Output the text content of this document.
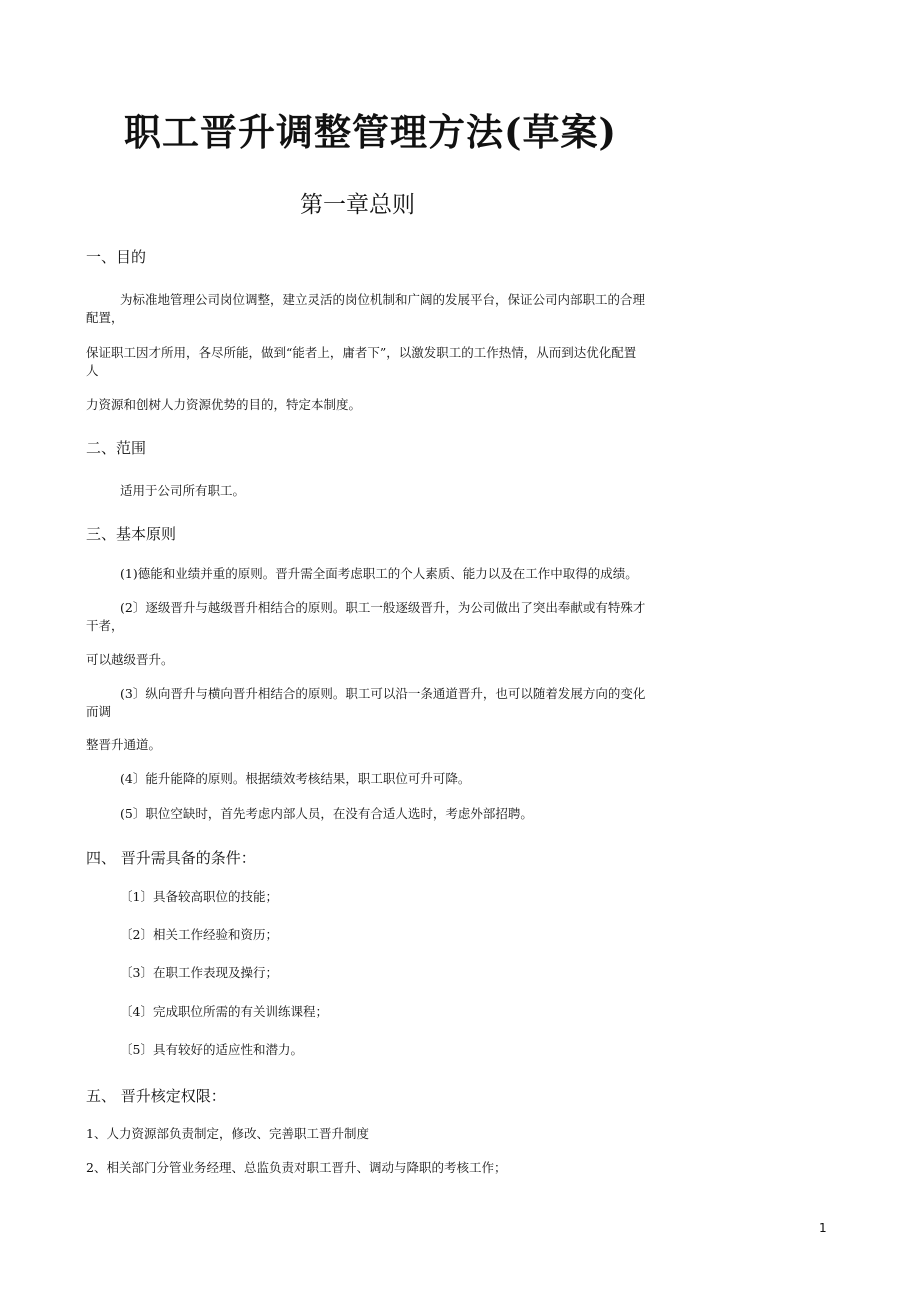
职工晋升调整管理方法(草案)
第一章总则
一、目的
为标准地管理公司岗位调整，建立灵活的岗位机制和广阔的发展平台，保证公司内部职工的合理配置，
保证职工因才所用，各尽所能，做到“能者上，庸者下”，以激发职工的工作热情，从而到达优化配置人
力资源和创树人力资源优势的目的，特定本制度。
二、范围
适用于公司所有职工。
三、基本原则
(1)德能和业绩并重的原则。晋升需全面考虑职工的个人素质、能力以及在工作中取得的成绩。
(2〕逐级晋升与越级晋升相结合的原则。职工一般逐级晋升，为公司做出了突出奉献或有特殊才干者，
可以越级晋升。
(3〕纵向晋升与横向晋升相结合的原则。职工可以沿一条通道晋升，也可以随着发展方向的变化而调
整晋升通道。
(4〕能升能降的原则。根据绩效考核结果，职工职位可升可降。
(5〕职位空缺时，首先考虑内部人员，在没有合适人选时，考虑外部招聘。
四、 晋升需具备的条件：
〔1〕具备较高职位的技能；
〔2〕相关工作经验和资历；
〔3〕在职工作表现及操行；
〔4〕完成职位所需的有关训练课程；
〔5〕具有较好的适应性和潜力。
五、 晋升核定权限：
1、人力资源部负责制定，修改、完善职工晋升制度
2、相关部门分管业务经理、总监负责对职工晋升、调动与降职的考核工作；
1
